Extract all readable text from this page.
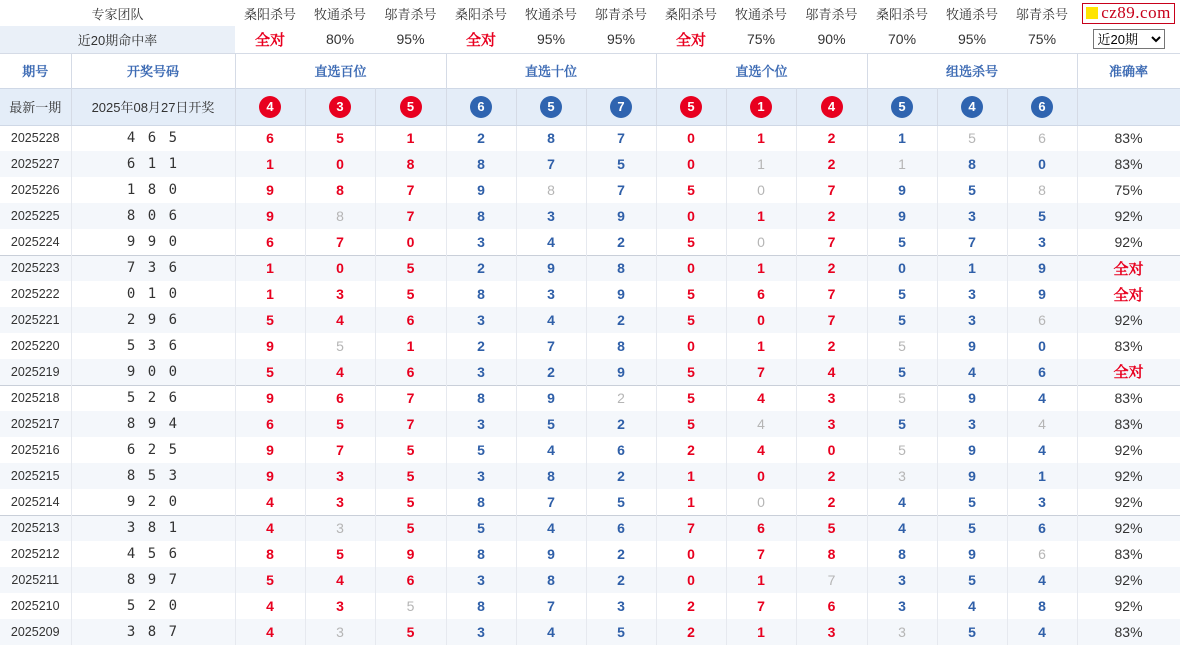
专家团队		桑阳杀号	牧通杀号	邬青杀号	桑阳杀号	牧通杀号	邬青杀号	桑阳杀号	牧通杀号	邬青杀号	桑阳杀号	牧通杀号	邬青杀号	cz89.com

近20期命中率		全对	80%	95%	全对	95%	95%	全对	75%	90%	70%	95%	75%	
近20期
期号	开奖号码	直选百位			直选十位			直选个位			组选杀号			准确率
最新一期	2025年08月27日开奖	4	3	5	6	5	7	5	1	4	5	4	6	
2025228	4 6 5	6	5	1	2	8	7	0	1	2	1	5	6	83%
2025227	6 1 1	1	0	8	8	7	5	0	1	2	1	8	0	83%
2025226	1 8 0	9	8	7	9	8	7	5	0	7	9	5	8	75%
2025225	8 0 6	9	8	7	8	3	9	0	1	2	9	3	5	92%
2025224	9 9 0	6	7	0	3	4	2	5	0	7	5	7	3	92%
2025223	7 3 6	1	0	5	2	9	8	0	1	2	0	1	9	全对
2025222	0 1 0	1	3	5	8	3	9	5	6	7	5	3	9	全对
2025221	2 9 6	5	4	6	3	4	2	5	0	7	5	3	6	92%
2025220	5 3 6	9	5	1	2	7	8	0	1	2	5	9	0	83%
2025219	9 0 0	5	4	6	3	2	9	5	7	4	5	4	6	全对
2025218	5 2 6	9	6	7	8	9	2	5	4	3	5	9	4	83%
2025217	8 9 4	6	5	7	3	5	2	5	4	3	5	3	4	83%
2025216	6 2 5	9	7	5	5	4	6	2	4	0	5	9	4	92%
2025215	8 5 3	9	3	5	3	8	2	1	0	2	3	9	1	92%
2025214	9 2 0	4	3	5	8	7	5	1	0	2	4	5	3	92%
2025213	3 8 1	4	3	5	5	4	6	7	6	5	4	5	6	92%
2025212	4 5 6	8	5	9	8	9	2	0	7	8	8	9	6	83%
2025211	8 9 7	5	4	6	3	8	2	0	1	7	3	5	4	92%
2025210	5 2 0	4	3	5	8	7	3	2	7	6	3	4	8	92%
2025209	3 8 7	4	3	5	3	4	5	2	1	3	3	5	4	83%
